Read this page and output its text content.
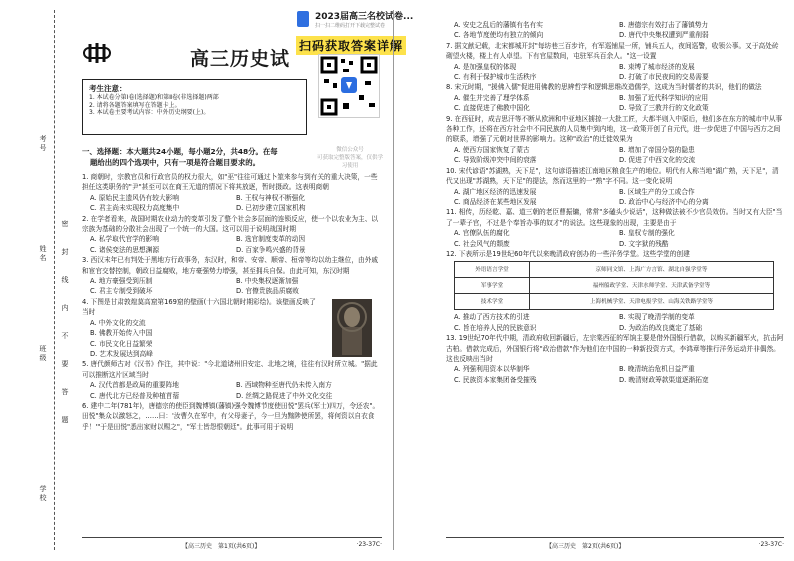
考号
姓名
班级
学校
密
封
线
内
不
要
答
题
高三历史试
2023届高三名校试卷...
扫一扫二维码打开下载完整试卷
扫码获取答案详解
微信公众号
可获取完整版答案，仅供学习使用
考生注意：
1. 本试卷分第Ⅰ卷(选择题)和第Ⅱ卷(非选择题)两部
2. 请将各题答案填写在答题卡上。
3. 本试卷主要考试内容：中外历史纲要(上)。
一、选择题：本大题共24小题，每小题2分，共48分。在每
题给出的四个选项中，只有一项是符合题目要求的。
1. 商朝时，宗教官员和行政官员的权力很大，如"巫"往往可通过卜筮来参与到有关的重大决策，一些担任这类职务的"尹"甚至可以在商王无道的情况下将其放逐，暂时摄政。这表明商朝
A. 原始民主遗风仍有较大影响	B. 王权与神权不断强化C. 君主尚未实现权力高度集中	D. 已初步建立国家机构
2. 在学者看来，战国时期农业动力的变革引发了整个社会多层面的连锁反应，使一个以农业为主、以宗族为基础的分散社会出现了一个统一的大国。这可以用于说明战国时期
A. 私学取代官学的影响	B. 选官制度变革的动因C. 诸侯变法的思想渊源	D. 百家争鸣兴盛的背景
3. 西汉末年已有判处于黑地方行政事务，东汉时，和帝、安帝、顺帝、桓帝等均以幼主继位，由外戚和宦官交替控制，朝政日益腐败，地方豪强势力增强，甚至拥兵自保。由此可知，东汉时期
A. 地方豪强受到压制	B. 中央集权逐渐加强C. 君主专制受到破坏	D. 官僚贵族品质腐败
4. 下图是甘肃敦煌莫高窟第169窟的壁画(十六国北朝时期彩绘)。该壁画反映了当时
A. 中外文化的交流
B. 佛教开始传入中国
C. 市民文化日益繁荣
D. 艺术发展达到高峰
5. 唐代颜师古对《汉书》作注，其中说："今北道诸州旧安定、北地之境，往往有汉时所立城。"据此可以推断这片区域当时
A. 汉代首都是政局的重要阵地	B. 西域物种至唐代仍未传入南方C. 唐代北方已经普及种植苜蓿	D. 丝绸之路促进了中外文化交往
6. 建中二年(781年)，唐德宗的使臣到魏博镇(藩镇)强令魏博节度使田悦"罢兵(军士)四万，令还农"。田悦"集众以激怒之，……曰：'汝曹久在军中，有父母妻子，今一旦为黜陟使所罢，将何资以自衣食乎！'"于是田悦"悉出家财以赐之"，"军士皆怨恨朝廷"。此事可用于说明
【高三历史　第1页(共6页)】	·23-37C·
A. 安史之乱后的藩镇有名有实	B. 唐德宗有效打击了藩镇势力C. 各地节度使均有独立的倾向	D. 唐代中央集权遭到严重削弱
7. 据文献记载，北宋都城开封"每坊巷三百步许，有军巡铺屋一所，铺兵五人，夜间巡警，收领公事。又于高处砖砌望火楼，楼上有人卓望。下有官屋数间，屯驻军兵百余人。"这一设置
A. 是加强皇权的体现	B. 束缚了城市经济的发展C. 有利于保护城市生活秩序	D. 打破了市民夜间的交易需要
8. 宋元时期，"援佛入儒"促进用佛教的思辨哲学和逻辑思维改造儒学，这成为当时儒者的共识，他们的做法
A. 催生并完善了理学体系	B. 加强了近代科学知识的应用C. 直接促进了佛教中国化	D. 导致了三教并行的文化政策
9. 在西征时，成吉思汗等不断从欧洲和中亚地区掳掠一大批工匠，大都半则入中原后，他们多在东方的城市中从事各种工作，还将在西方社会中不同民族的人员集中到内地，这一政策开创了自元代，进一步促进了中国与西方之间的联系，增强了元朝对世界的影响力。这种"政治"的迁徙效果为
A. 使西方国家恢复了蒙古	B. 增加了帝国分裂的隐患C. 导致阶级冲突中间的衰落	D. 促进了中西文化的交流
10. 宋代谚语"苏湖熟，天下足"，这句谚语描述江南地区粮食生产的地位。明代有人称当地"湖广熟，天下足"，清代又出现"苏湖熟，天下足"的提法，然而这里的一"熟"字不同。这一变化说明
A. 湖广地区经济的迅速发展	B. 区域生产的分工或合作C. 商品经济在某些地区发展	D. 政治中心与经济中心的分离
11. 相传，历经乾、嘉、道三朝的老臣曹振镛，常常"多磕头少说话"，这种做法被不少官员效仿。当时又有大臣"当了一辈子官，不过是个奉旨办事的奴才"的说法。这些现象的出现，主要是由于
A. 官僚队伍的腐化	B. 皇权专制的强化C. 社会风气的颓废	D. 文字狱的残酷
12. 下表所示是19世纪60年代以来晚清政府创办的一些洋务学堂。这些学堂的创建
外语语言学堂	京师同文馆、上海广方言馆、湖北自强学堂等
军事学堂	福州船政学堂、天津水师学堂、天津武备学堂等
技术学堂	上海机械学堂、天津电报学堂、山海关铁路学堂等
A. 推动了西方技术的引进	B. 实现了晚清学制的变革C. 旨在培养人民的民族意识	D. 为政治的改良奠定了基础
13. 19世纪70年代中期，清政府收回新疆后，左宗棠西征的军饷主要是借外国银行借款，以购买新疆军火，抗击阿古柏。借款完成后，外国银行将"政治借款"作为他们在中国的一种新投资方式，李鸿章等推行洋务运动并非偶然。这也反映出当时
A. 列强利用资本以华制华	B. 晚清统治危机日益严重C. 民族资本家集团备受摧残	D. 晚清财政筹款渠道逐渐拓宽
【高三历史　第2页(共6页)】	·23-37C·
